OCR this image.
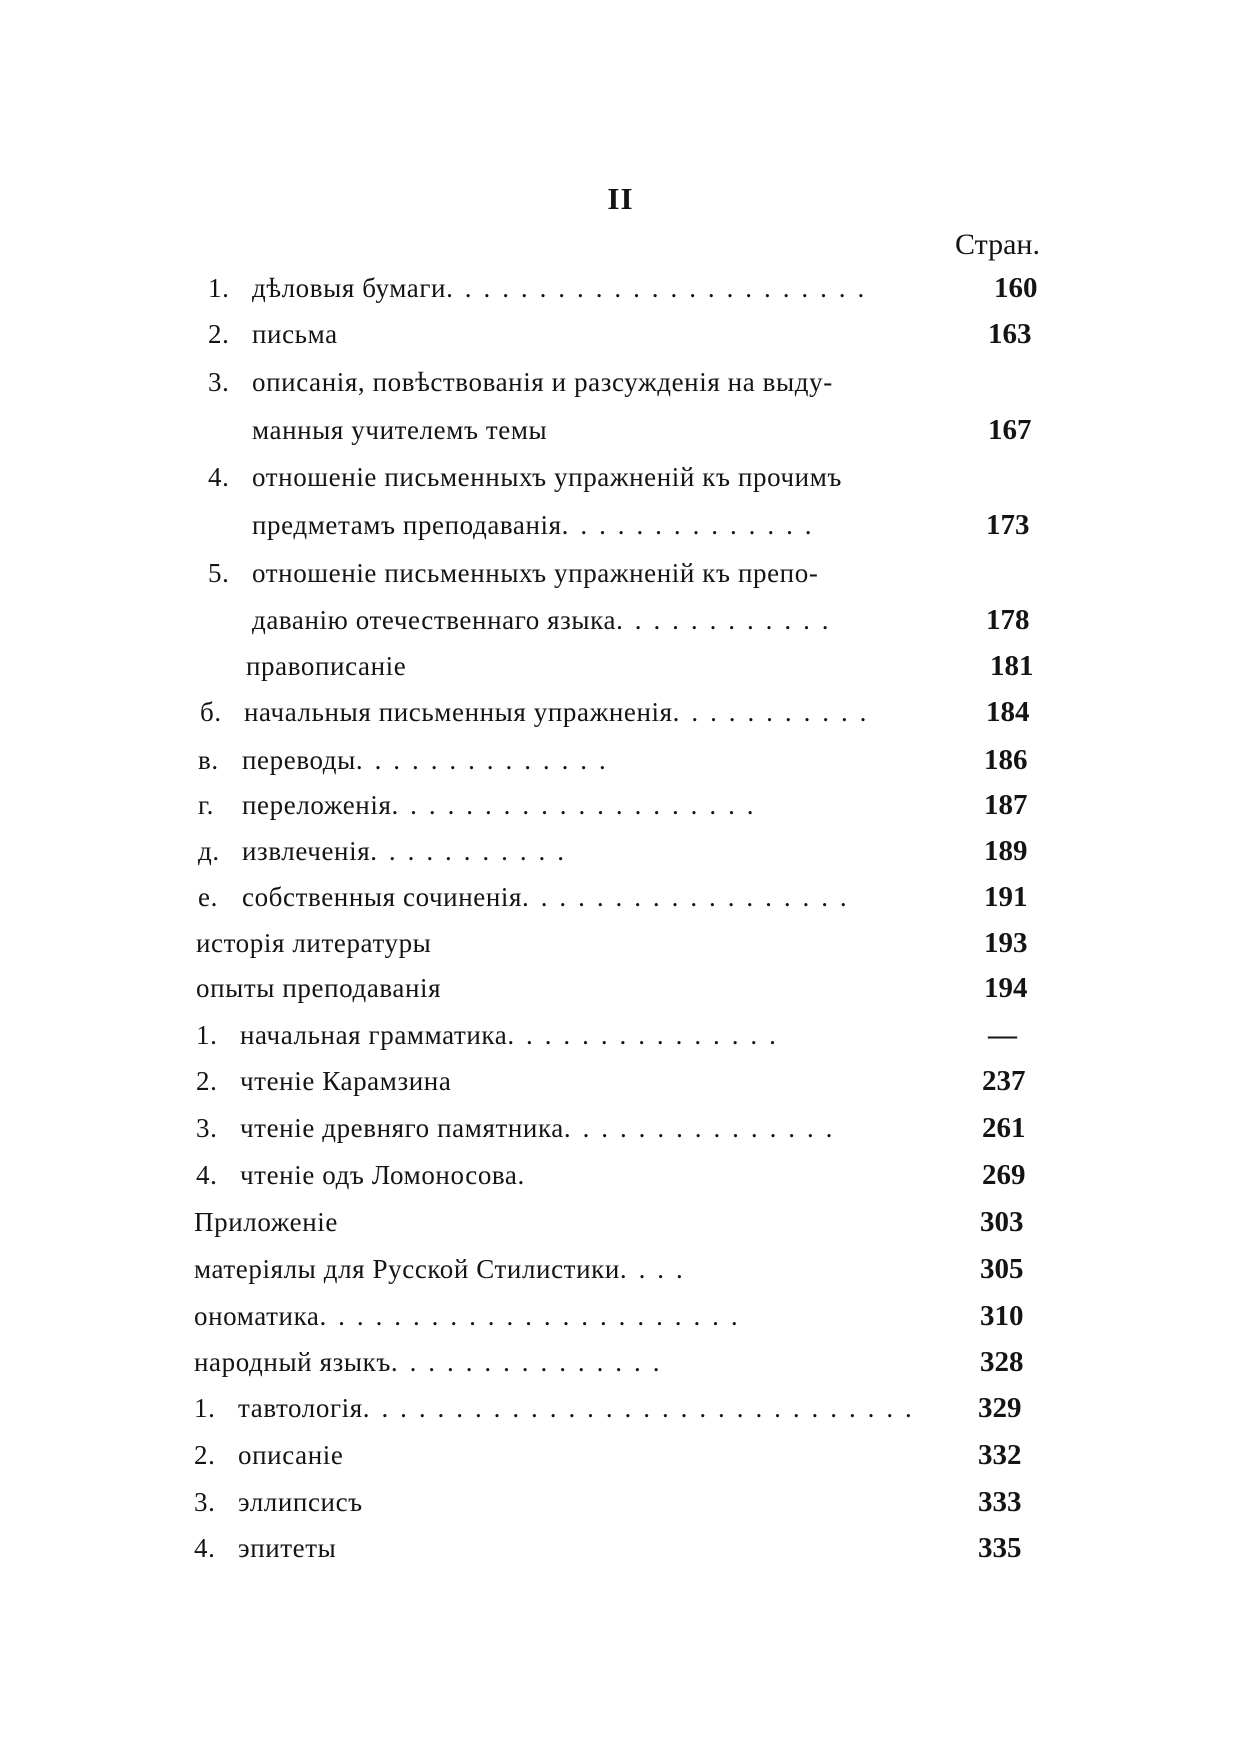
II
Стран.
1. дѣловыя бумаги. . . . . . . . . . . . . . . . . . . . . . .	160
2. письма	163
3. описанія, повѣствованія и разсужденія на выду-
манныя учителемъ темы	167
4. отношеніе письменныхъ упражненій къ прочимъ
предметамъ преподаванія. . . . . . . . . . . . . .	173
5. отношеніе письменныхъ упражненій къ препо-
даванію отечественнаго языка. . . . . . . . . . . .	178
правописаніе	181
б. начальныя письменныя упражненія. . . . . . . . . . .	184
в. переводы. . . . . . . . . . . . . .	186
г. переложенія. . . . . . . . . . . . . . . . . . . .	187
д. извлеченія. . . . . . . . . . .	189
е. собственныя сочиненія. . . . . . . . . . . . . . . . . .	191
исторія литературы	193
опыты преподаванія	194
1. начальная грамматика. . . . . . . . . . . . . . .	—
2. чтеніе Карамзина	237
3. чтеніе древняго памятника. . . . . . . . . . . . . . .	261
4. чтеніе одъ Ломоносова.	269
Приложеніе	303
матеріялы для Русской Стилистики. . . .	305
ономатика. . . . . . . . . . . . . . . . . . . . . . .	310
народный языкъ. . . . . . . . . . . . . . .	328
1. тавтологія. . . . . . . . . . . . . . . . . . . . . . . . . . . . . . 329
2. описаніе	332
3. эллипсисъ	333
4. эпитеты	335
